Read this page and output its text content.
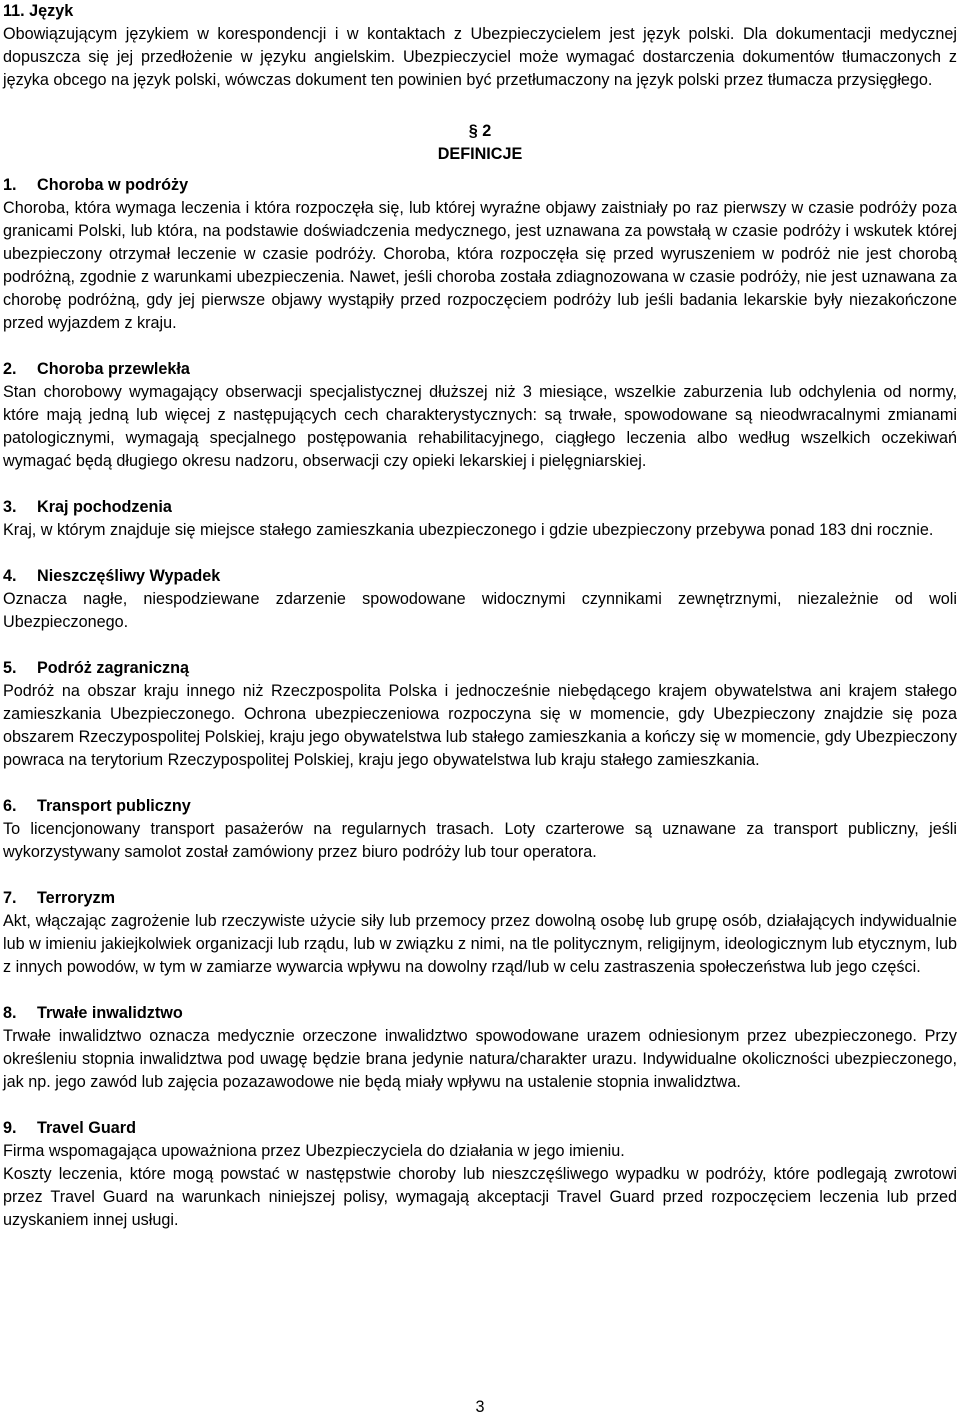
11. Język
Obowiązującym językiem w korespondencji i w kontaktach z Ubezpieczycielem jest język polski. Dla dokumentacji medycznej dopuszcza się jej przedłożenie w języku angielskim. Ubezpieczyciel może wymagać dostarczenia dokumentów tłumaczonych z języka obcego na język polski, wówczas dokument ten powinien być przetłumaczony na język polski przez tłumacza przysięgłego.
§ 2
DEFINICJE
1. Choroba w podróży
Choroba, która wymaga leczenia i która rozpoczęła się, lub której wyraźne objawy zaistniały po raz pierwszy w czasie podróży poza granicami Polski, lub która, na podstawie doświadczenia medycznego, jest uznawana za powstałą w czasie podróży i wskutek której ubezpieczony otrzymał leczenie w czasie podróży. Choroba, która rozpoczęła się przed wyruszeniem w podróż nie jest chorobą podróżną, zgodnie z warunkami ubezpieczenia. Nawet, jeśli choroba została zdiagnozowana w czasie podróży, nie jest uznawana za chorobę podróżną, gdy jej pierwsze objawy wystąpiły przed rozpoczęciem podróży lub jeśli badania lekarskie były niezakończone przed wyjazdem z kraju.
2. Choroba przewlekła
Stan chorobowy wymagający obserwacji specjalistycznej dłuższej niż 3 miesiące, wszelkie zaburzenia lub odchylenia od normy, które mają jedną lub więcej z następujących cech charakterystycznych: są trwałe, spowodowane są nieodwracalnymi zmianami patologicznymi, wymagają specjalnego postępowania rehabilitacyjnego, ciągłego leczenia albo według wszelkich oczekiwań wymagać będą długiego okresu nadzoru, obserwacji czy opieki lekarskiej i pielęgniarskiej.
3. Kraj pochodzenia
Kraj, w którym znajduje się miejsce stałego zamieszkania ubezpieczonego i gdzie ubezpieczony przebywa ponad 183 dni rocznie.
4. Nieszczęśliwy Wypadek
Oznacza nagłe, niespodziewane zdarzenie spowodowane widocznymi czynnikami zewnętrznymi, niezależnie od woli Ubezpieczonego.
5. Podróż zagraniczną
Podróż na obszar kraju innego niż Rzeczpospolita Polska i jednocześnie niebędącego krajem obywatelstwa ani krajem stałego zamieszkania Ubezpieczonego. Ochrona ubezpieczeniowa rozpoczyna się w momencie, gdy Ubezpieczony znajdzie się poza obszarem Rzeczypospolitej Polskiej, kraju jego obywatelstwa lub stałego zamieszkania a kończy się w momencie, gdy Ubezpieczony powraca na terytorium Rzeczypospolitej Polskiej, kraju jego obywatelstwa lub kraju stałego zamieszkania.
6. Transport publiczny
To licencjonowany transport pasażerów na regularnych trasach. Loty czarterowe są uznawane za transport publiczny, jeśli wykorzystywany samolot został zamówiony przez biuro podróży lub tour operatora.
7. Terroryzm
Akt, włączając zagrożenie lub rzeczywiste użycie siły lub przemocy przez dowolną osobę lub grupę osób, działających indywidualnie lub w imieniu jakiejkolwiek organizacji lub rządu, lub w związku z nimi, na tle politycznym, religijnym, ideologicznym lub etycznym, lub z innych powodów, w tym w zamiarze wywarcia wpływu na dowolny rząd/lub w celu zastraszenia społeczeństwa lub jego części.
8. Trwałe inwalidztwo
Trwałe inwalidztwo oznacza medycznie orzeczone inwalidztwo spowodowane urazem odniesionym przez ubezpieczonego. Przy określeniu stopnia inwalidztwa pod uwagę będzie brana jedynie natura/charakter urazu. Indywidualne okoliczności ubezpieczonego, jak np. jego zawód lub zajęcia pozazawodowe nie będą miały wpływu na ustalenie stopnia inwalidztwa.
9. Travel Guard
Firma wspomagająca upoważniona przez Ubezpieczyciela do działania w jego imieniu.
Koszty leczenia, które mogą powstać w następstwie choroby lub nieszczęśliwego wypadku w podróży, które podlegają zwrotowi przez Travel Guard na warunkach niniejszej polisy, wymagają akceptacji Travel Guard przed rozpoczęciem leczenia lub przed uzyskaniem innej usługi.
3
